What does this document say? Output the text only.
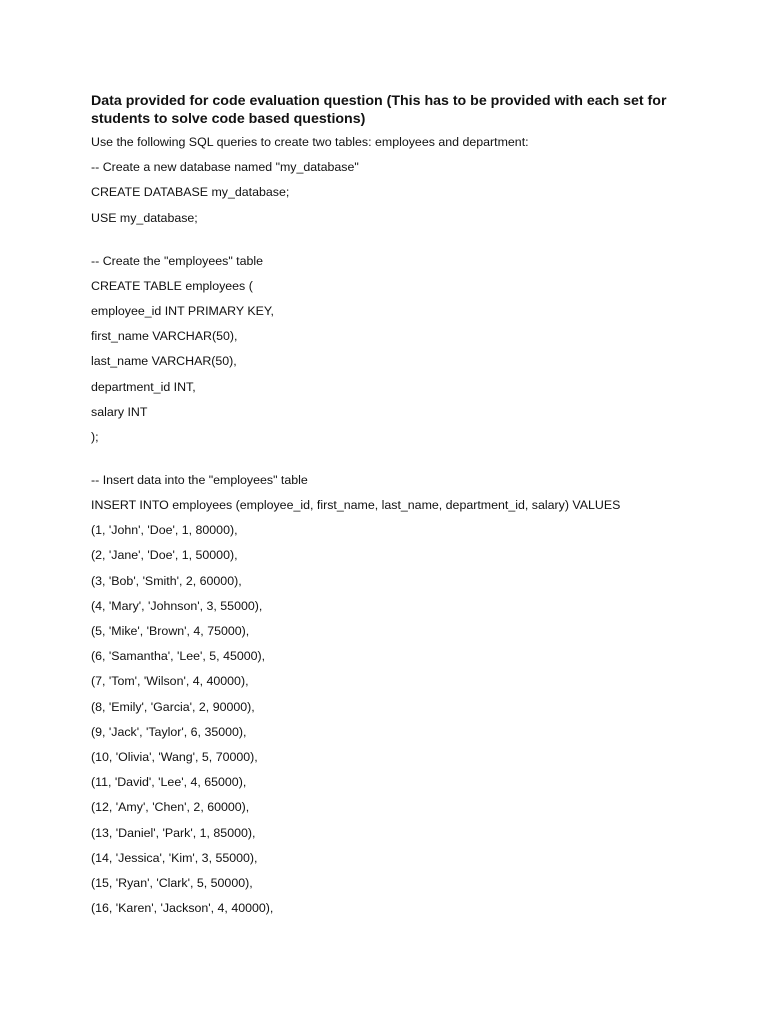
Data provided for code evaluation question (This has to be provided with each set for students to solve code based questions)
Use the following SQL queries to create two tables: employees and department:
-- Create a new database named "my_database"
CREATE DATABASE my_database;
USE my_database;
-- Create the "employees" table
CREATE TABLE employees (
employee_id INT PRIMARY KEY,
first_name VARCHAR(50),
last_name VARCHAR(50),
department_id INT,
salary INT
);
-- Insert data into the "employees" table
INSERT INTO employees (employee_id, first_name, last_name, department_id, salary) VALUES
(1, 'John', 'Doe', 1, 80000),
(2, 'Jane', 'Doe', 1, 50000),
(3, 'Bob', 'Smith', 2, 60000),
(4, 'Mary', 'Johnson', 3, 55000),
(5, 'Mike', 'Brown', 4, 75000),
(6, 'Samantha', 'Lee', 5, 45000),
(7, 'Tom', 'Wilson', 4, 40000),
(8, 'Emily', 'Garcia', 2, 90000),
(9, 'Jack', 'Taylor', 6, 35000),
(10, 'Olivia', 'Wang', 5, 70000),
(11, 'David', 'Lee', 4, 65000),
(12, 'Amy', 'Chen', 2, 60000),
(13, 'Daniel', 'Park', 1, 85000),
(14, 'Jessica', 'Kim', 3, 55000),
(15, 'Ryan', 'Clark', 5, 50000),
(16, 'Karen', 'Jackson', 4, 40000),
